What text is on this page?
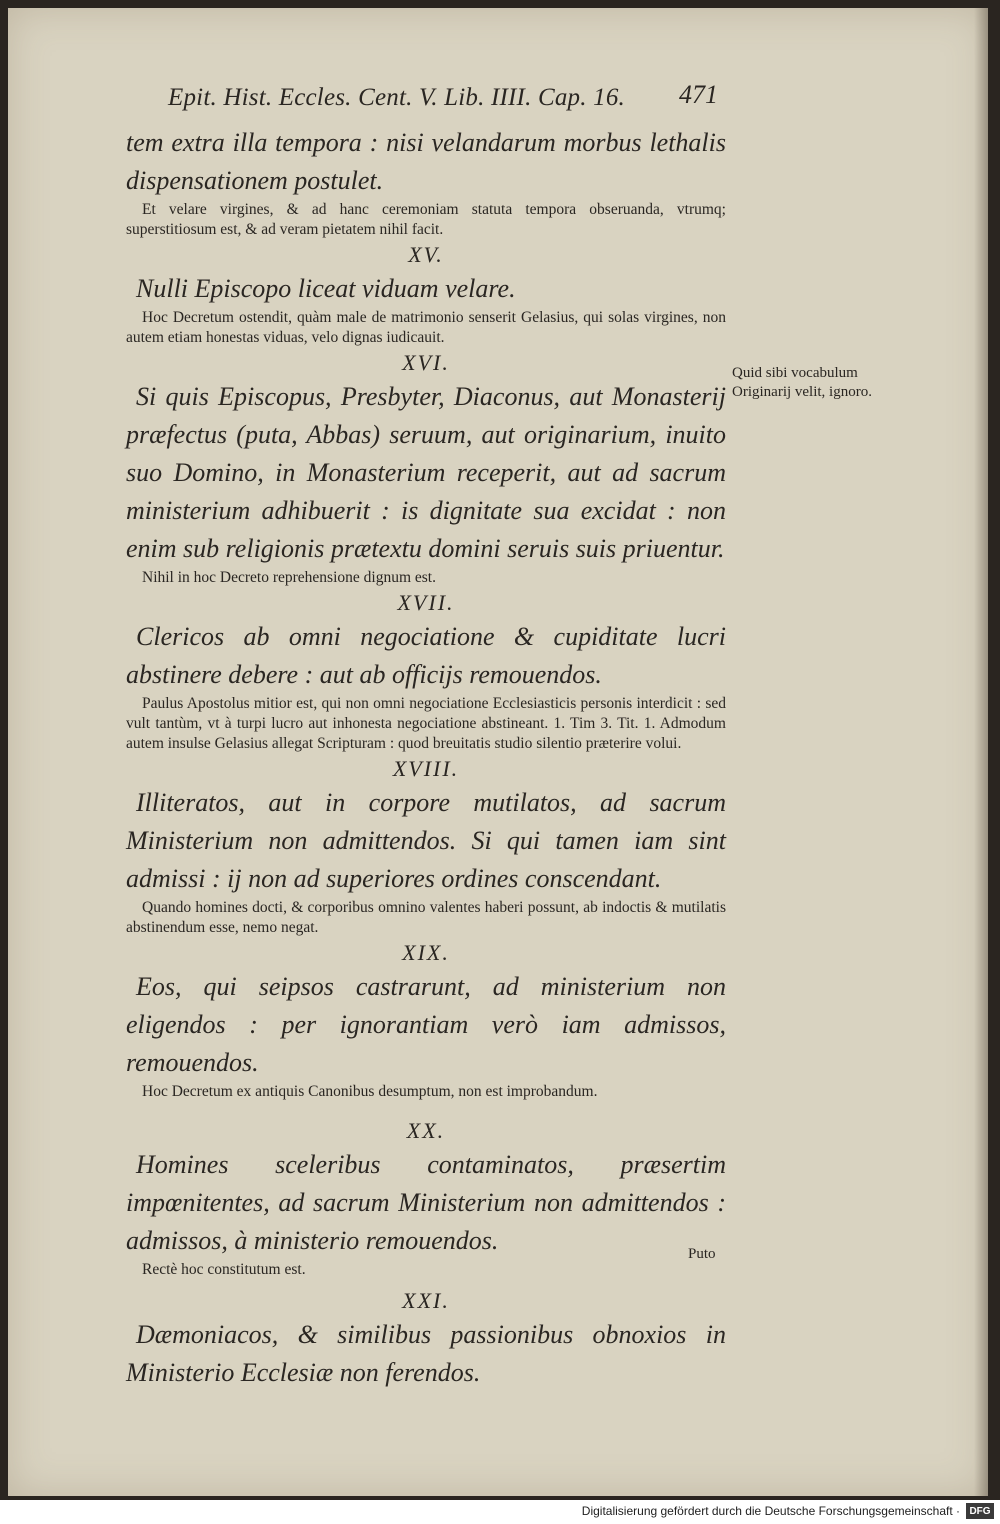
Epit. Hist. Eccles. Cent. V. Lib. IIII. Cap. 16. 471

tem extra illa tempora : nisi velandarum morbus lethalis dispensationem postulet.

Et velare virgines, & ad hanc ceremoniam statuta tempora obseruanda, vtrumq; superstitiosum est, & ad veram pietatem nihil facit.

XV.

Nulli Episcopo liceat viduam velare.

Hoc Decretum ostendit, quàm male de matrimonio senserit Gelasius, qui solas virgines, non autem etiam honestas viduas, velo dignas iudicauit.

XVI.

Si quis Episcopus, Presbyter, Diaconus, aut Monasterij præfectus (puta, Abbas) seruum, aut originarium, inuito suo Domino, in Monasterium receperit, aut ad sacrum ministerium adhibuerit : is dignitate sua excidat : non enim sub religionis prætextu domini seruis suis priuentur.

Nihil in hoc Decreto reprehensione dignum est.

XVII.

Clericos ab omni negociatione & cupiditate lucri abstinere debere : aut ab officijs remouendos.

Paulus Apostolus mitior est, qui non omni negociatione Ecclesiasticis personis interdicit : sed vult tantùm, vt à turpi lucro aut inhonesta negociatione abstineant. 1. Tim 3. Tit. 1. Admodum autem insulse Gelasius allegat Scripturam : quod breuitatis studio silentio præterire volui.

XVIII.

Illiteratos, aut in corpore mutilatos, ad sacrum Ministerium non admittendos. Si qui tamen iam sint admissi : ij non ad superiores ordines conscendant.

Quando homines docti, & corporibus omnino valentes haberi possunt, ab indoctis & mutilatis abstinendum esse, nemo negat.

XIX.

Eos, qui seipsos castrarunt, ad ministerium non eligendos : per ignorantiam verò iam admissos, remouendos.

Hoc Decretum ex antiquis Canonibus desumptum, non est improbandum.

XX.

Homines sceleribus contaminatos, præsertim impœnitentes, ad sacrum Ministerium non admittendos : admissos, à ministerio remouendos.

Rectè hoc constitutum est.

XXI.

Dæmoniacos, & similibus passionibus obnoxios in Ministerio Ecclesiæ non ferendos.

Quid sibi vocabulum Originarij velit, ignoro.
Puto
Digitalisierung gefördert durch die Deutsche Forschungsgemeinschaft · DFG
